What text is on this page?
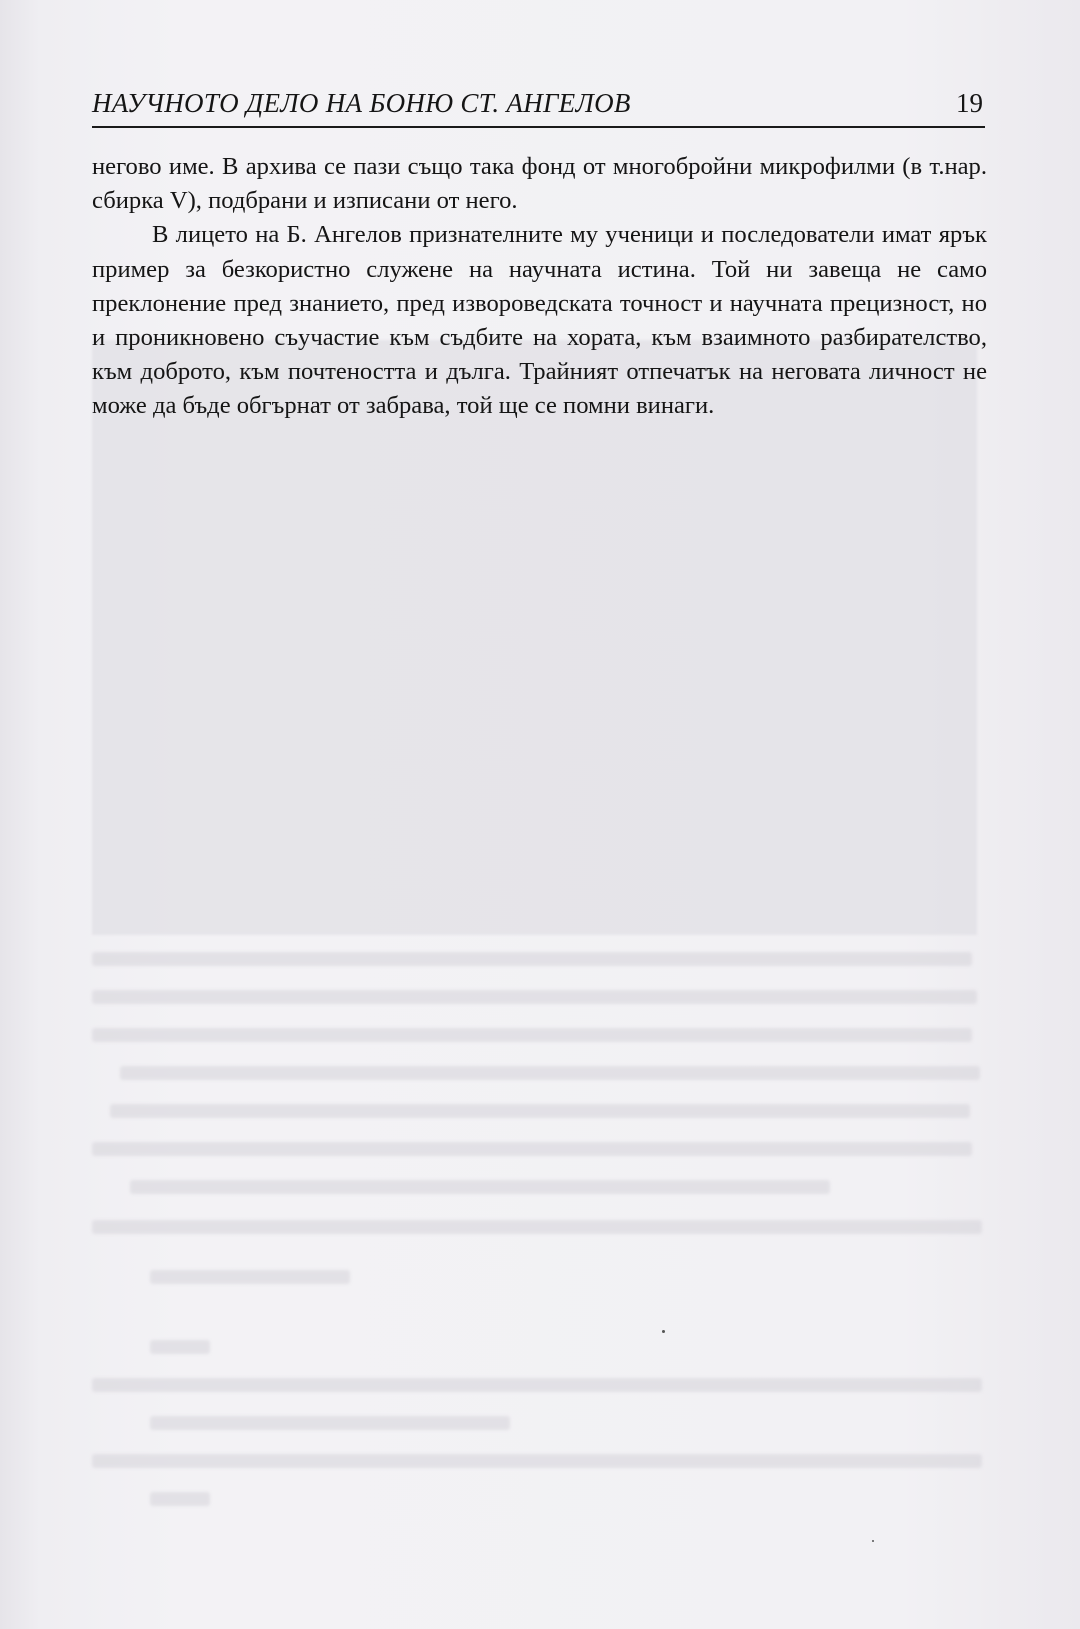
НАУЧНОТО ДЕЛО НА БОНЮ СТ. АНГЕЛОВ	19

негово име. В архива се пази също така фонд от многобройни микрофилми (в т.нар. сбирка V), подбрани и изписани от него.

В лицето на Б. Ангелов признателните му ученици и последователи имат ярък пример за безкористно служене на научната истина. Той ни завеща не само преклонение пред знанието, пред изворoведската точност и научната прецизност, но и проникновено съучастие към съдбите на хората, към взаимното разбирателство, към доброто, към почтеността и дълга. Трайният отпечатък на неговата личност не може да бъде обгърнат от забрава, той ще се помни винаги.
